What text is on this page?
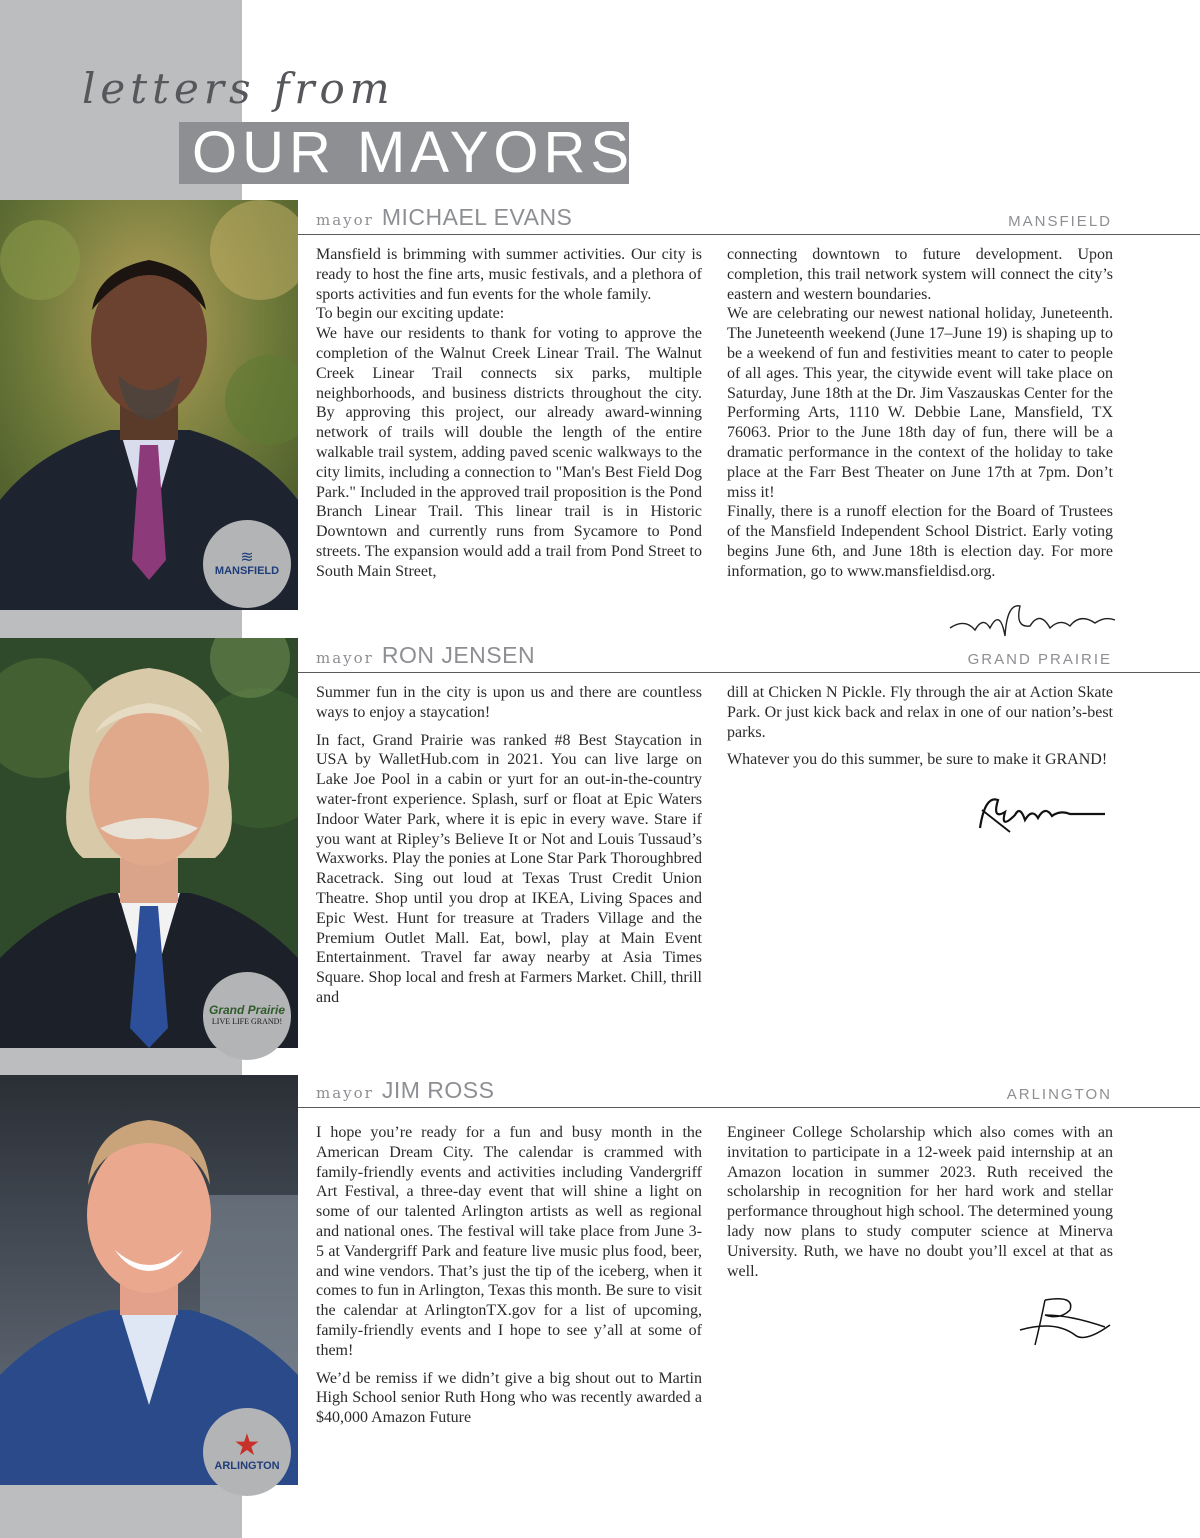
letters from
OUR MAYORS
≋
MANSFIELD
mayor MICHAEL EVANS	MANSFIELD

Mansfield is brimming with summer activities. Our city is ready to host the fine arts, music festivals, and a plethora of sports activities and fun events for the whole family.

To begin our exciting update:

We have our residents to thank for voting to approve the completion of the Walnut Creek Linear Trail. The Walnut Creek Linear Trail connects six parks, multiple neighborhoods, and business districts throughout the city. By approving this project, our already award-winning network of trails will double the length of the entire walkable trail system, adding paved scenic walkways to the city limits, including a connection to "Man's Best Field Dog Park." Included in the approved trail proposition is the Pond Branch Linear Trail. This linear trail is in Historic Downtown and currently runs from Sycamore to Pond streets. The expansion would add a trail from Pond Street to South Main Street,

connecting downtown to future development. Upon completion, this trail network system will connect the city’s eastern and western boundaries.

We are celebrating our newest national holiday, Juneteenth. The Juneteenth weekend (June 17–June 19) is shaping up to be a weekend of fun and festivities meant to cater to people of all ages. This year, the citywide event will take place on Saturday, June 18th at the Dr. Jim Vaszauskas Center for the Performing Arts, 1110 W. Debbie Lane, Mansfield, TX 76063. Prior to the June 18th day of fun, there will be a dramatic performance in the context of the holiday to take place at the Farr Best Theater on June 17th at 7pm. Don’t miss it!

Finally, there is a runoff election for the Board of Trustees of the Mansfield Independent School District. Early voting begins June 6th, and June 18th is election day. For more information, go to www.mansfieldisd.org.

Grand Prairie
LIVE LIFE GRAND!
mayor RON JENSEN	GRAND PRAIRIE

Summer fun in the city is upon us and there are countless ways to enjoy a staycation!

In fact, Grand Prairie was ranked #8 Best Staycation in USA by WalletHub.com in 2021. You can live large on Lake Joe Pool in a cabin or yurt for an out-in-the-country water-front experience. Splash, surf or float at Epic Waters Indoor Water Park, where it is epic in every wave. Stare if you want at Ripley’s Believe It or Not and Louis Tussaud’s Waxworks. Play the ponies at Lone Star Park Thoroughbred Racetrack. Sing out loud at Texas Trust Credit Union Theatre. Shop until you drop at IKEA, Living Spaces and Epic West. Hunt for treasure at Traders Village and the Premium Outlet Mall. Eat, bowl, play at Main Event Entertainment. Travel far away nearby at Asia Times Square. Shop local and fresh at Farmers Market. Chill, thrill and

dill at Chicken N Pickle. Fly through the air at Action Skate Park. Or just kick back and relax in one of our nation’s-best parks.

Whatever you do this summer, be sure to make it GRAND!

★
ARLINGTON
mayor JIM ROSS	ARLINGTON

I hope you’re ready for a fun and busy month in the American Dream City. The calendar is crammed with family-friendly events and activities including Vandergriff Art Festival, a three-day event that will shine a light on some of our talented Arlington artists as well as regional and national ones. The festival will take place from June 3-5 at Vandergriff Park and feature live music plus food, beer, and wine vendors. That’s just the tip of the iceberg, when it comes to fun in Arlington, Texas this month. Be sure to visit the calendar at ArlingtonTX.gov for a list of upcoming, family-friendly events and I hope to see y’all at some of them!

We’d be remiss if we didn’t give a big shout out to Martin High School senior Ruth Hong who was recently awarded a $40,000 Amazon Future

Engineer College Scholarship which also comes with an invitation to participate in a 12-week paid internship at an Amazon location in summer 2023. Ruth received the scholarship in recognition for her hard work and stellar performance throughout high school. The determined young lady now plans to study computer science at Minerva University. Ruth, we have no doubt you’ll excel at that as well.
